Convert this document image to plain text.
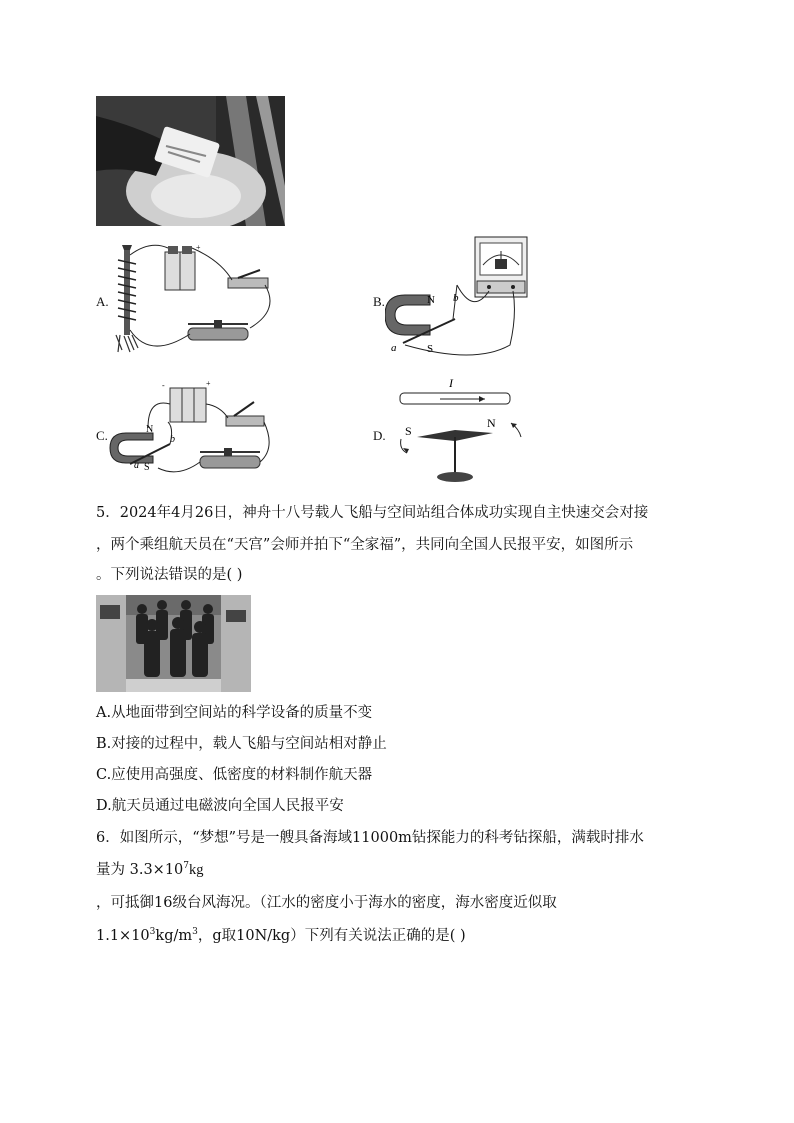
A.
+
B.	N
S
a
b
C.
-	+
N
S
a
b	D.
I
S
N
5．2024年4月26日，神舟十八号载人飞船与空间站组合体成功实现自主快速交会对接
，两个乘组航天员在“天宫”会师并拍下“全家福”，共同向全国人民报平安，如图所示
。下列说法错误的是( )
A.从地面带到空间站的科学设备的质量不变
B.对接的过程中，载人飞船与空间站相对静止
C.应使用高强度、低密度的材料制作航天器
D.航天员通过电磁波向全国人民报平安
6．如图所示，“梦想”号是一艘具备海域11000m钻探能力的科考钻探船，满载时排水
量为 $3.3\times 10^7kg$
，可抵御16级台风海况。（江水的密度小于海水的密度，海水密度近似取
$1.1\times 10^3kg/m^3$，g取10N/kg）下列有关说法正确的是( )
